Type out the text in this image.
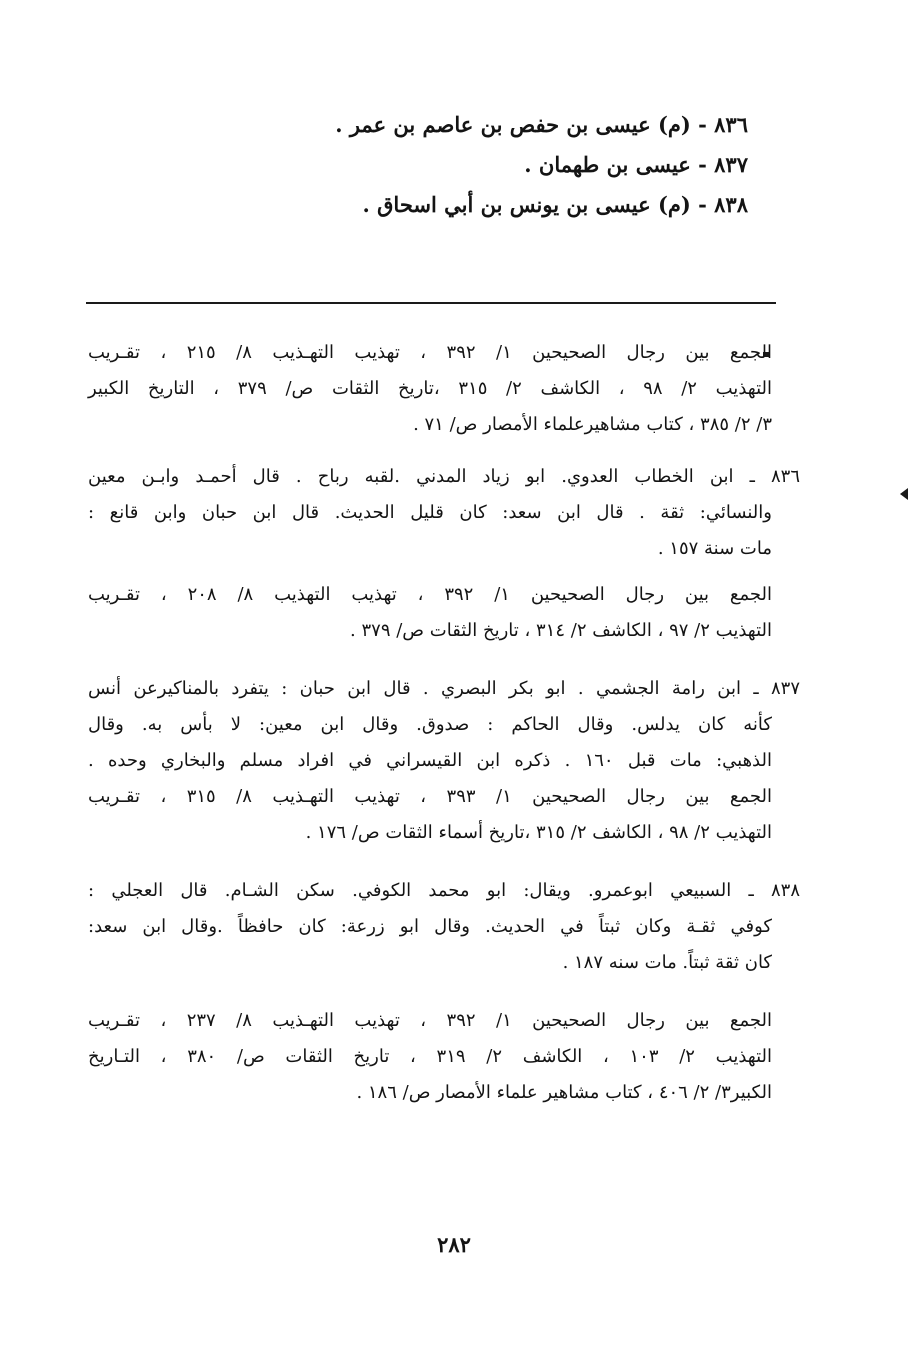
٨٣٦ - (م) عيسى بن حفص بن عاصم بن عمر .
٨٣٧ - عيسى بن طهمان .
٨٣٨ - (م) عيسى بن يونس بن أبي اسحاق .
الجمع بين رجال الصحيحين ١/ ٣٩٢ ، تهذيب التهـذيب ٨/ ٢١٥ ، تقـريب
التهذيب ٢/ ٩٨ ، الكاشف ٢/ ٣١٥ ،تاريخ الثقات ص/ ٣٧٩ ، التاريخ الكبير
٣/ ٢/ ٣٨٥ ، كتاب مشاهيرعلماء الأمصار ص/ ٧١ .
٨٣٦ ـ ابن الخطاب العدوي. ابو زياد المدني .لقبه رباح . قال أحمـد وابـن معين
والنسائي: ثقة . قال ابن سعد: كان قليل الحديث. قال ابن حبان وابن قانع :
مات سنة ١٥٧ .
الجمع بين رجال الصحيحين ١/ ٣٩٢ ، تهذيب التهذيب ٨/ ٢٠٨ ، تقـريب
التهذيب ٢/ ٩٧ ، الكاشف ٢/ ٣١٤ ، تاريخ الثقات ص/ ٣٧٩ .
٨٣٧ ـ ابن رامة الجشمي . ابو بكر البصري . قال ابن حبان : يتفرد بالمناكيرعن أنس
كأنه كان يدلس. وقال الحاكم : صدوق. وقال ابن معين: لا بأس به. وقال
الذهبي: مات قبل ١٦٠ . ذكره ابن القيسراني في افراد مسلم والبخاري وحده .
الجمع بين رجال الصحيحين ١/ ٣٩٣ ، تهذيب التهـذيب ٨/ ٣١٥ ، تقـريب
التهذيب ٢/ ٩٨ ، الكاشف ٢/ ٣١٥ ،تاريخ أسماء الثقات ص/ ١٧٦ .
٨٣٨ ـ السبيعي ابوعمرو. ويقال: ابو محمد الكوفي. سكن الشـام. قال العجلي :
كوفي ثقـة وكان ثبتاً في الحديث. وقال ابو زرعة: كان حافظاً .وقال ابن سعد:
كان ثقة ثبتاً. مات سنه ١٨٧ .
الجمع بين رجال الصحيحين ١/ ٣٩٢ ، تهذيب التهـذيب ٨/ ٢٣٧ ، تقـريب
التهذيب ٢/ ١٠٣ ، الكاشف ٢/ ٣١٩ ، تاريخ الثقات ص/ ٣٨٠ ، التـاريخ
الكبير٣/ ٢/ ٤٠٦ ، كتاب مشاهير علماء الأمصار ص/ ١٨٦ .
٢٨٢
